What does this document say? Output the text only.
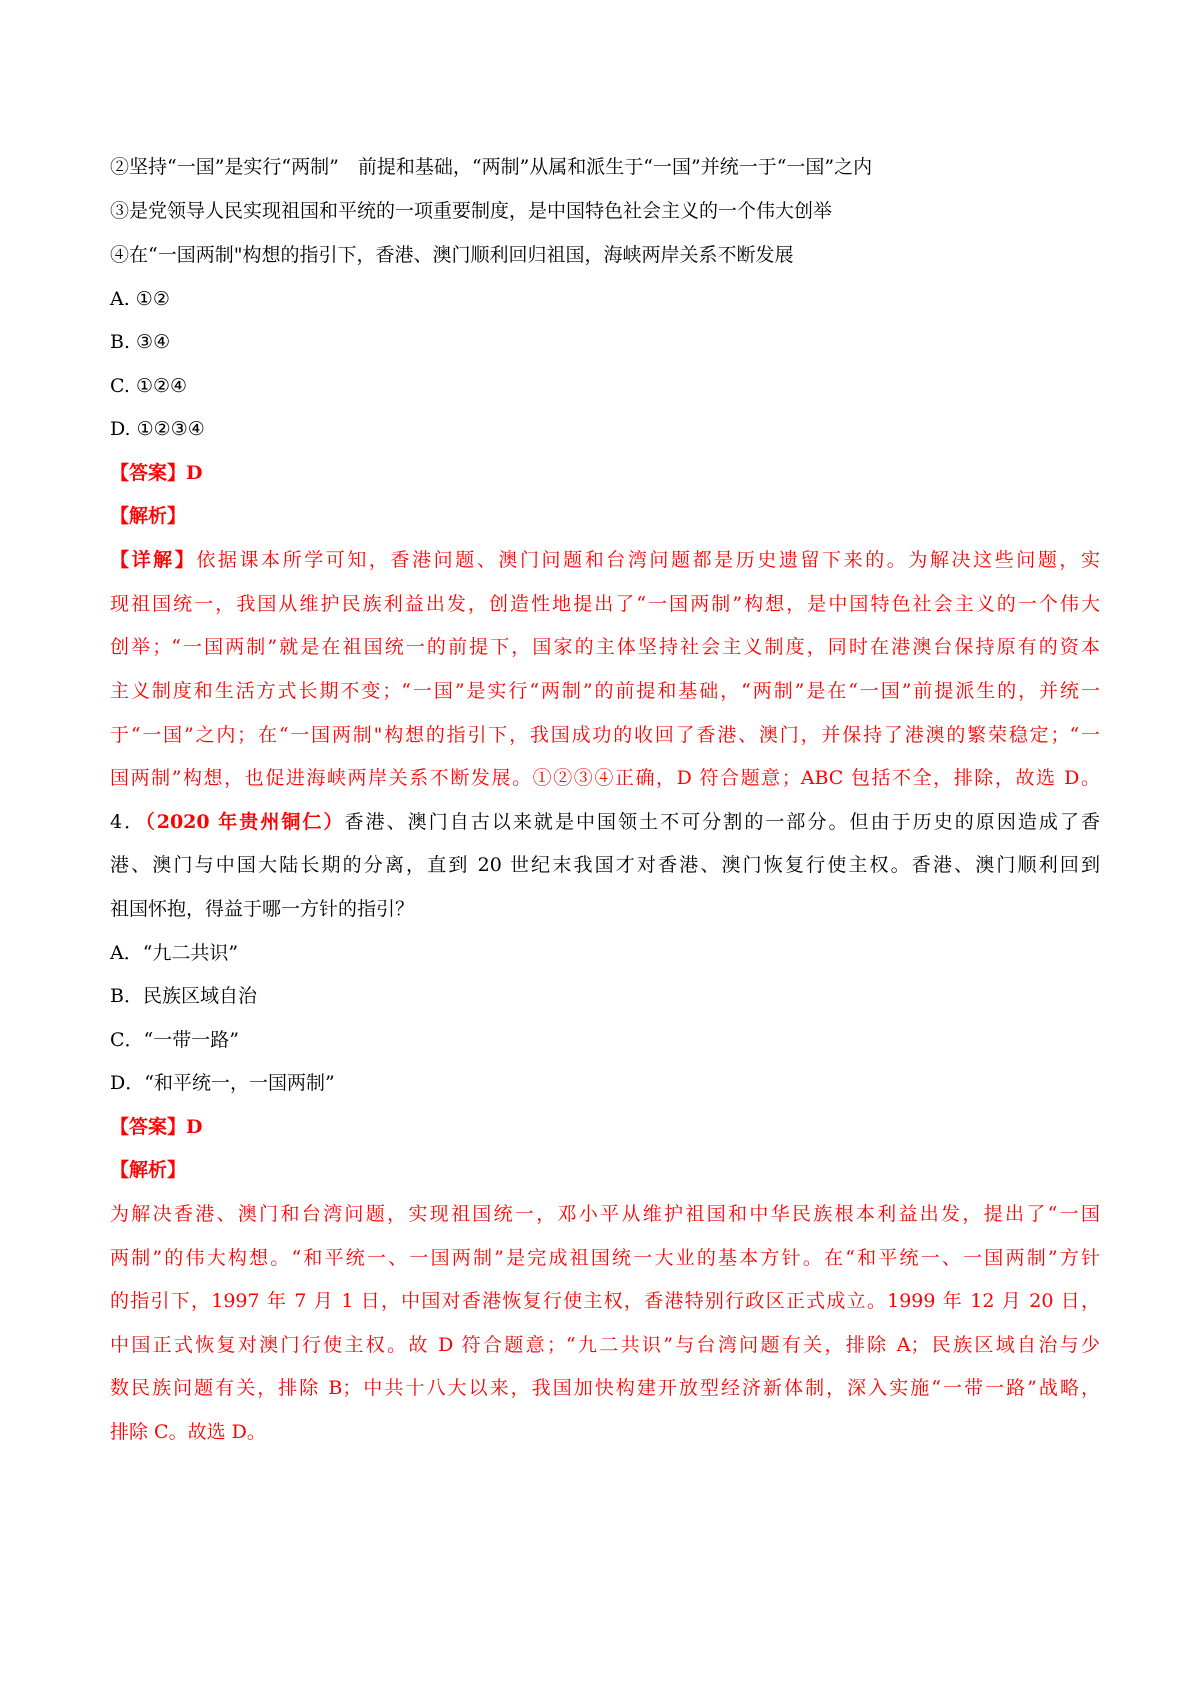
②坚持“一国”是实行“两制”　前提和基础，“两制”从属和派生于“一国”并统一于“一国”之内
③是党领导人民实现祖国和平统的一项重要制度，是中国特色社会主义的一个伟大创举
④在“一国两制"构想的指引下，香港、澳门顺利回归祖国，海峡两岸关系不断发展
A. ①②
B. ③④
C. ①②④
D. ①②③④
【答案】D
【解析】
【详解】依据课本所学可知，香港问题、澳门问题和台湾问题都是历史遗留下来的。为解决这些问题，实
现祖国统一，我国从维护民族利益出发，创造性地提出了“一国两制”构想，是中国特色社会主义的一个伟大
创举；“一国两制”就是在祖国统一的前提下，国家的主体坚持社会主义制度，同时在港澳台保持原有的资本
主义制度和生活方式长期不变；“一国”是实行“两制”的前提和基础，“两制”是在“一国”前提派生的，并统一
于“一国”之内；在“一国两制"构想的指引下，我国成功的收回了香港、澳门，并保持了港澳的繁荣稳定；“一
国两制”构想，也促进海峡两岸关系不断发展。①②③④正确，D 符合题意；ABC 包括不全，排除，故选 D。
4．（2020 年贵州铜仁）香港、澳门自古以来就是中国领土不可分割的一部分。但由于历史的原因造成了香
港、澳门与中国大陆长期的分离，直到 20 世纪末我国才对香港、澳门恢复行使主权。香港、澳门顺利回到
祖国怀抱，得益于哪一方针的指引？
A．“九二共识”
B．民族区域自治
C．“一带一路”
D．“和平统一，一国两制”
【答案】D
【解析】
为解决香港、澳门和台湾问题，实现祖国统一，邓小平从维护祖国和中华民族根本利益出发，提出了“一国
两制”的伟大构想。“和平统一、一国两制”是完成祖国统一大业的基本方针。在“和平统一、一国两制”方针
的指引下，1997 年 7 月 1 日，中国对香港恢复行使主权，香港特别行政区正式成立。1999 年 12 月 20 日，
中国正式恢复对澳门行使主权。故 D 符合题意；“九二共识”与台湾问题有关，排除 A；民族区域自治与少
数民族问题有关，排除 B；中共十八大以来，我国加快构建开放型经济新体制，深入实施“一带一路”战略，
排除 C。故选 D。
